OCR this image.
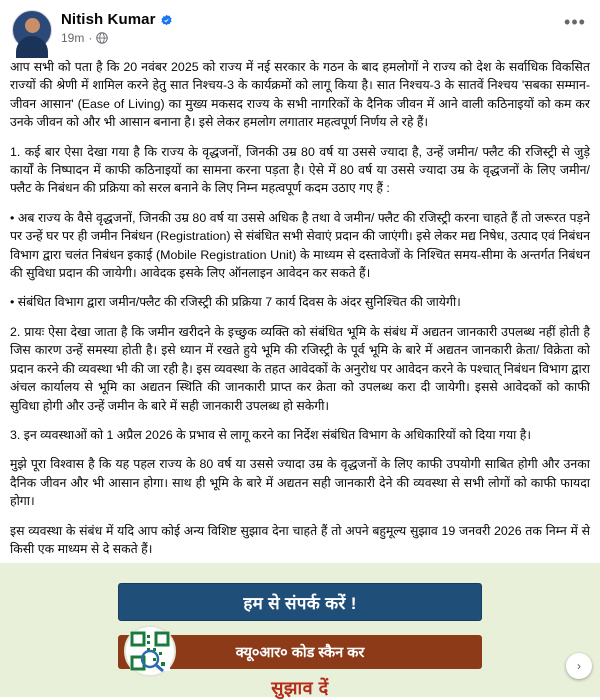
Nitish Kumar
19m ·
•••

आप सभी को पता है कि 20 नवंबर 2025 को राज्य में नई सरकार के गठन के बाद हमलोगों ने राज्य को देश के सर्वाधिक विकसित राज्यों की श्रेणी में शामिल करने हेतु सात निश्चय-3 के कार्यक्रमों को लागू किया है। सात निश्चय-3 के सातवें निश्चय 'सबका सम्मान-जीवन आसान' (Ease of Living) का मुख्य मकसद राज्य के सभी नागरिकों के दैनिक जीवन में आने वाली कठिनाइयों को कम कर उनके जीवन को और भी आसान बनाना है। इसे लेकर हमलोग लगातार महत्वपूर्ण निर्णय ले रहे हैं।

1. कई बार ऐसा देखा गया है कि राज्य के वृद्धजनों, जिनकी उम्र 80 वर्ष या उससे ज्यादा है, उन्हें जमीन/ फ्लैट की रजिस्ट्री से जुड़े कार्यों के निष्पादन में काफी कठिनाइयों का सामना करना पड़ता है। ऐसे में 80 वर्ष या उससे ज्यादा उम्र के वृद्धजनों के लिए जमीन/ फ्लैट के निबंधन की प्रक्रिया को सरल बनाने के लिए निम्न महत्वपूर्ण कदम उठाए गए हैं :

• अब राज्य के वैसे वृद्धजनों, जिनकी उम्र 80 वर्ष या उससे अधिक है तथा वे जमीन/ फ्लैट की रजिस्ट्री करना चाहते हैं तो जरूरत पड़ने पर उन्हें घर पर ही जमीन निबंधन (Registration) से संबंधित सभी सेवाएं प्रदान की जाएंगी। इसे लेकर मद्य निषेध, उत्पाद एवं निबंधन विभाग द्वारा चलंत निबंधन इकाई (Mobile Registration Unit) के माध्यम से दस्तावेजों के निश्चित समय-सीमा के अन्तर्गत निबंधन की सुविधा प्रदान की जायेगी। आवेदक इसके लिए ऑनलाइन आवेदन कर सकते हैं।

• संबंधित विभाग द्वारा जमीन/फ्लैट की रजिस्ट्री की प्रक्रिया 7 कार्य दिवस के अंदर सुनिश्चित की जायेगी।

2. प्रायः ऐसा देखा जाता है कि जमीन खरीदने के इच्छुक व्यक्ति को संबंधित भूमि के संबंध में अद्यतन जानकारी उपलब्ध नहीं होती है जिस कारण उन्हें समस्या होती है। इसे ध्यान में रखते हुये भूमि की रजिस्ट्री के पूर्व भूमि के बारे में अद्यतन जानकारी क्रेता/ विक्रेता को प्रदान करने की व्यवस्था भी की जा रही है। इस व्यवस्था के तहत आवेदकों के अनुरोध पर आवेदन करने के पश्चात् निबंधन विभाग द्वारा अंचल कार्यालय से भूमि का अद्यतन स्थिति की जानकारी प्राप्त कर क्रेता को उपलब्ध करा दी जायेगी। इससे आवेदकों को काफी सुविधा होगी और उन्हें जमीन के बारे में सही जानकारी उपलब्ध हो सकेगी।

3. इन व्यवस्थाओं को 1 अप्रैल 2026 के प्रभाव से लागू करने का निर्देश संबंधित विभाग के अधिकारियों को दिया गया है।

मुझे पूरा विश्वास है कि यह पहल राज्य के 80 वर्ष या उससे ज्यादा उम्र के वृद्धजनों के लिए काफी उपयोगी साबित होगी और उनका दैनिक जीवन और भी आसान होगा। साथ ही भूमि के बारे में अद्यतन सही जानकारी देने की व्यवस्था से सभी लोगों को काफी फायदा होगा।

इस व्यवस्था के संबंध में यदि आप कोई अन्य विशिष्ट सुझाव देना चाहते हैं तो अपने बहुमूल्य सुझाव 19 जनवरी 2026 तक निम्न में से किसी एक माध्यम से दे सकते हैं।

हम से संपर्क करें !
क्यू०आर० कोड स्कैन कर
सुझाव दें
›
